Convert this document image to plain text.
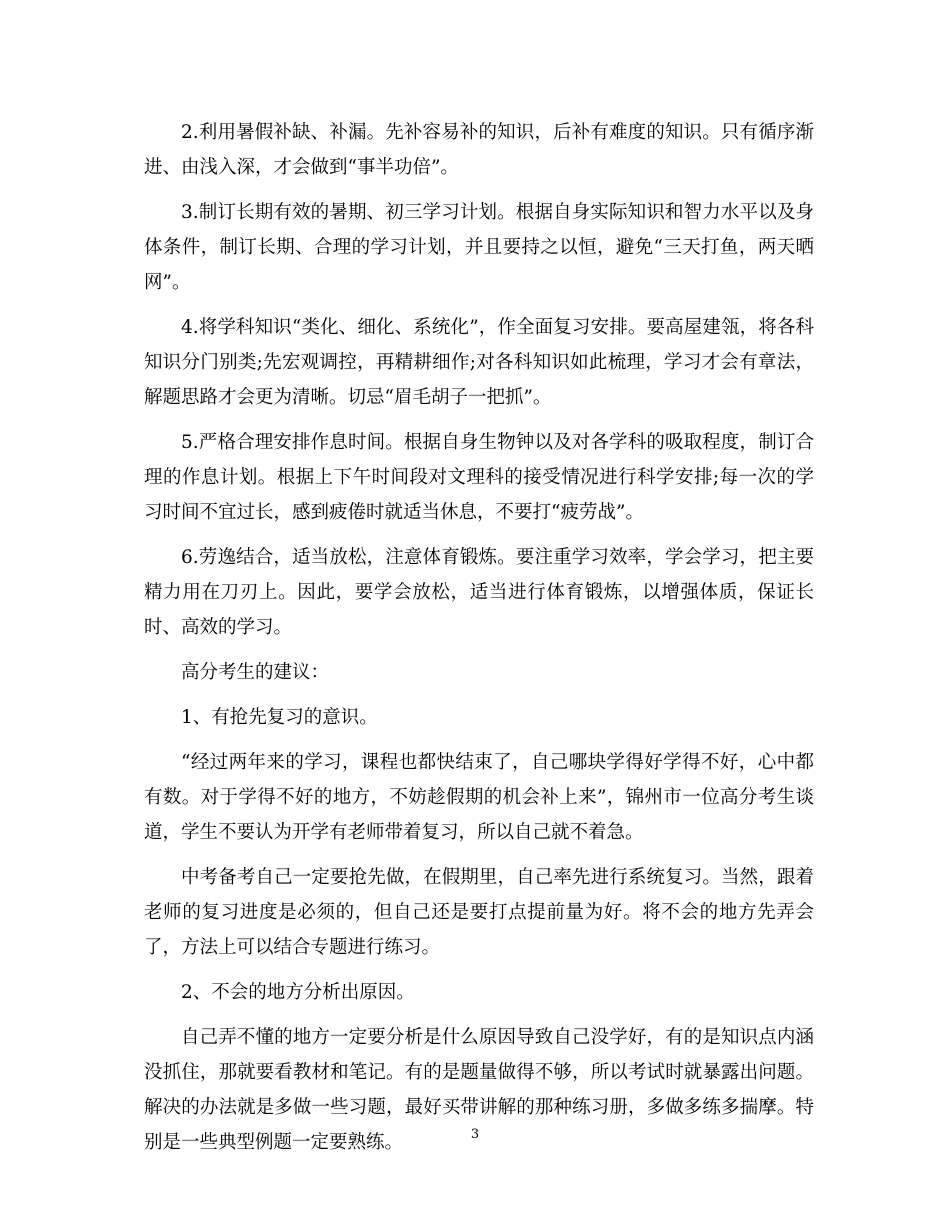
2.利用暑假补缺、补漏。先补容易补的知识，后补有难度的知识。只有循序渐进、由浅入深，才会做到“事半功倍”。

3.制订长期有效的暑期、初三学习计划。根据自身实际知识和智力水平以及身体条件，制订长期、合理的学习计划，并且要持之以恒，避免“三天打鱼，两天晒网”。

4.将学科知识“类化、细化、系统化”，作全面复习安排。要高屋建瓴，将各科知识分门别类;先宏观调控，再精耕细作;对各科知识如此梳理，学习才会有章法，解题思路才会更为清晰。切忌“眉毛胡子一把抓”。

5.严格合理安排作息时间。根据自身生物钟以及对各学科的吸取程度，制订合理的作息计划。根据上下午时间段对文理科的接受情况进行科学安排;每一次的学习时间不宜过长，感到疲倦时就适当休息，不要打“疲劳战”。

6.劳逸结合，适当放松，注意体育锻炼。要注重学习效率，学会学习，把主要精力用在刀刃上。因此，要学会放松，适当进行体育锻炼，以增强体质，保证长时、高效的学习。

高分考生的建议：

1、有抢先复习的意识。

“经过两年来的学习，课程也都快结束了，自己哪块学得好学得不好，心中都有数。对于学得不好的地方，不妨趁假期的机会补上来”，锦州市一位高分考生谈道，学生不要认为开学有老师带着复习，所以自己就不着急。

中考备考自己一定要抢先做，在假期里，自己率先进行系统复习。当然，跟着老师的复习进度是必须的，但自己还是要打点提前量为好。将不会的地方先弄会了，方法上可以结合专题进行练习。

2、不会的地方分析出原因。

自己弄不懂的地方一定要分析是什么原因导致自己没学好，有的是知识点内涵没抓住，那就要看教材和笔记。有的是题量做得不够，所以考试时就暴露出问题。解决的办法就是多做一些习题，最好买带讲解的那种练习册，多做多练多揣摩。特别是一些典型例题一定要熟练。	3
